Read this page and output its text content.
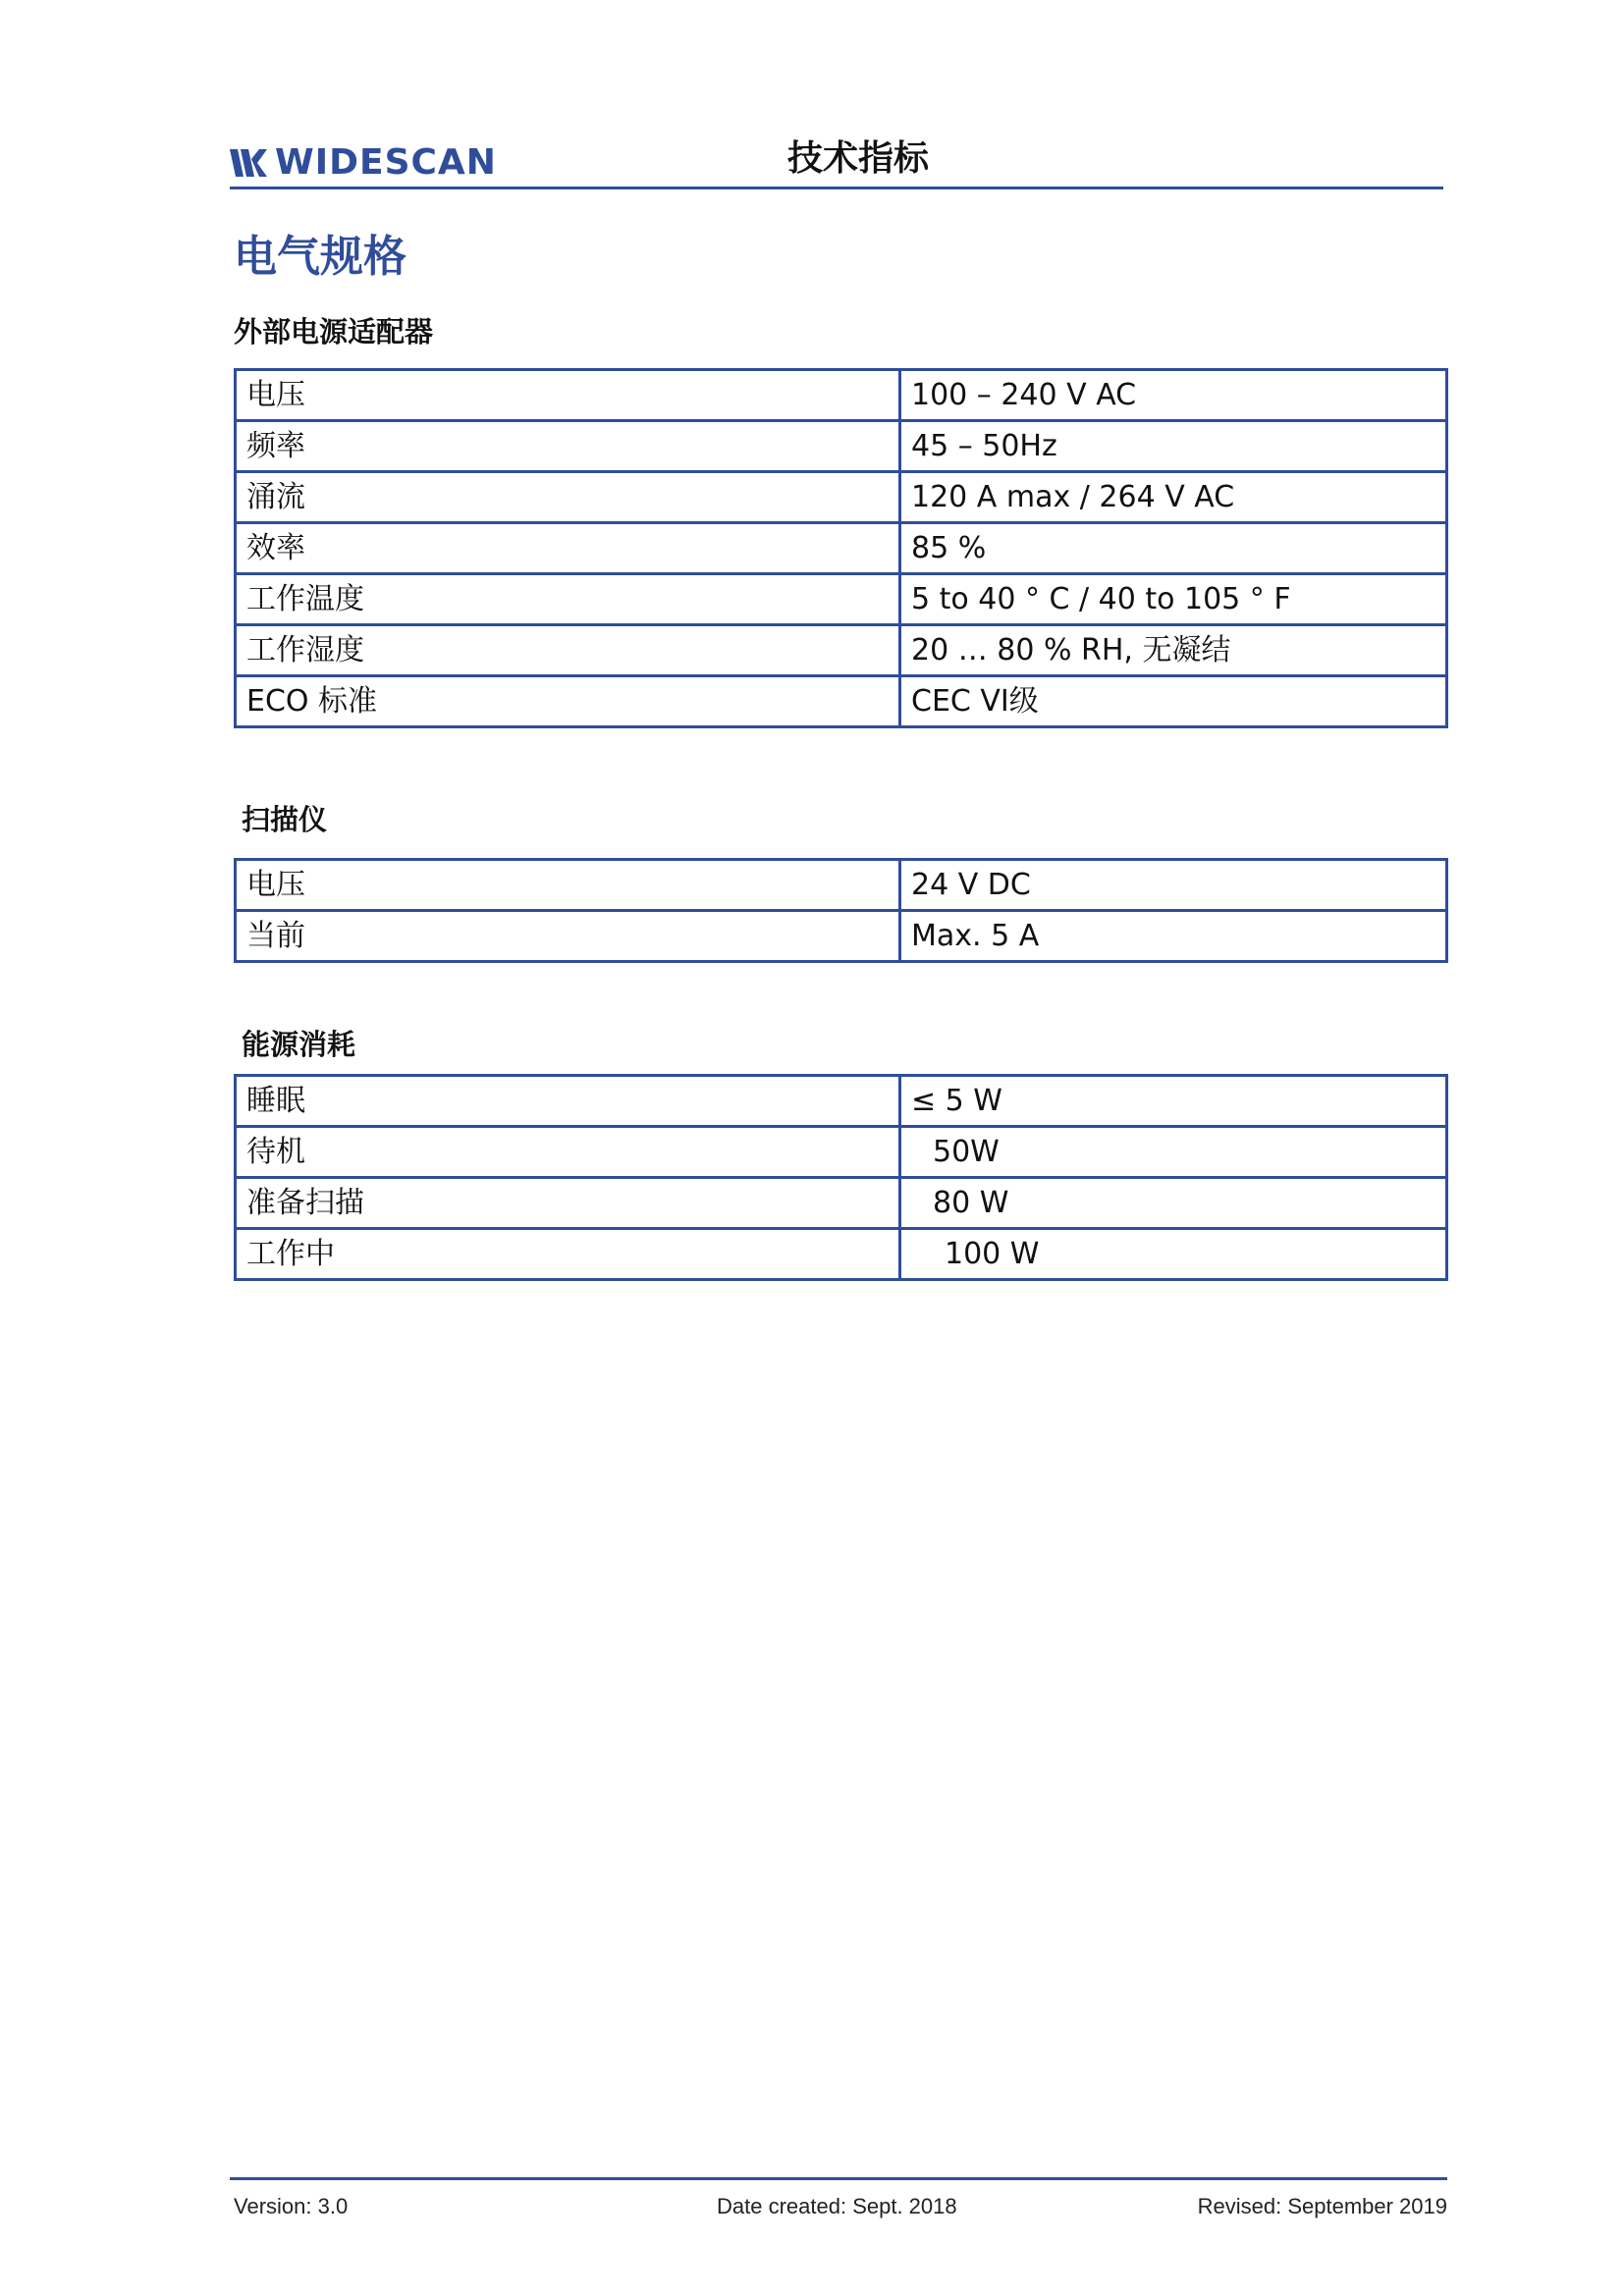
WIDESCAN	技术指标
电气规格
外部电源适配器
电压	100 – 240 V AC
频率	45 – 50Hz
涌流	120 A max / 264 V AC
效率	85 %
工作温度	5 to 40 ° C / 40 to 105 ° F
工作湿度	20 … 80 % RH, 无凝结
ECO 标准	CEC VI级
扫描仪
电压	24 V DC
当前	Max. 5 A
能源消耗
睡眠	≤ 5 W
待机	50W
准备扫描	80 W
工作中	100 W
Version: 3.0	Date created: Sept. 2018	Revised: September 2019
